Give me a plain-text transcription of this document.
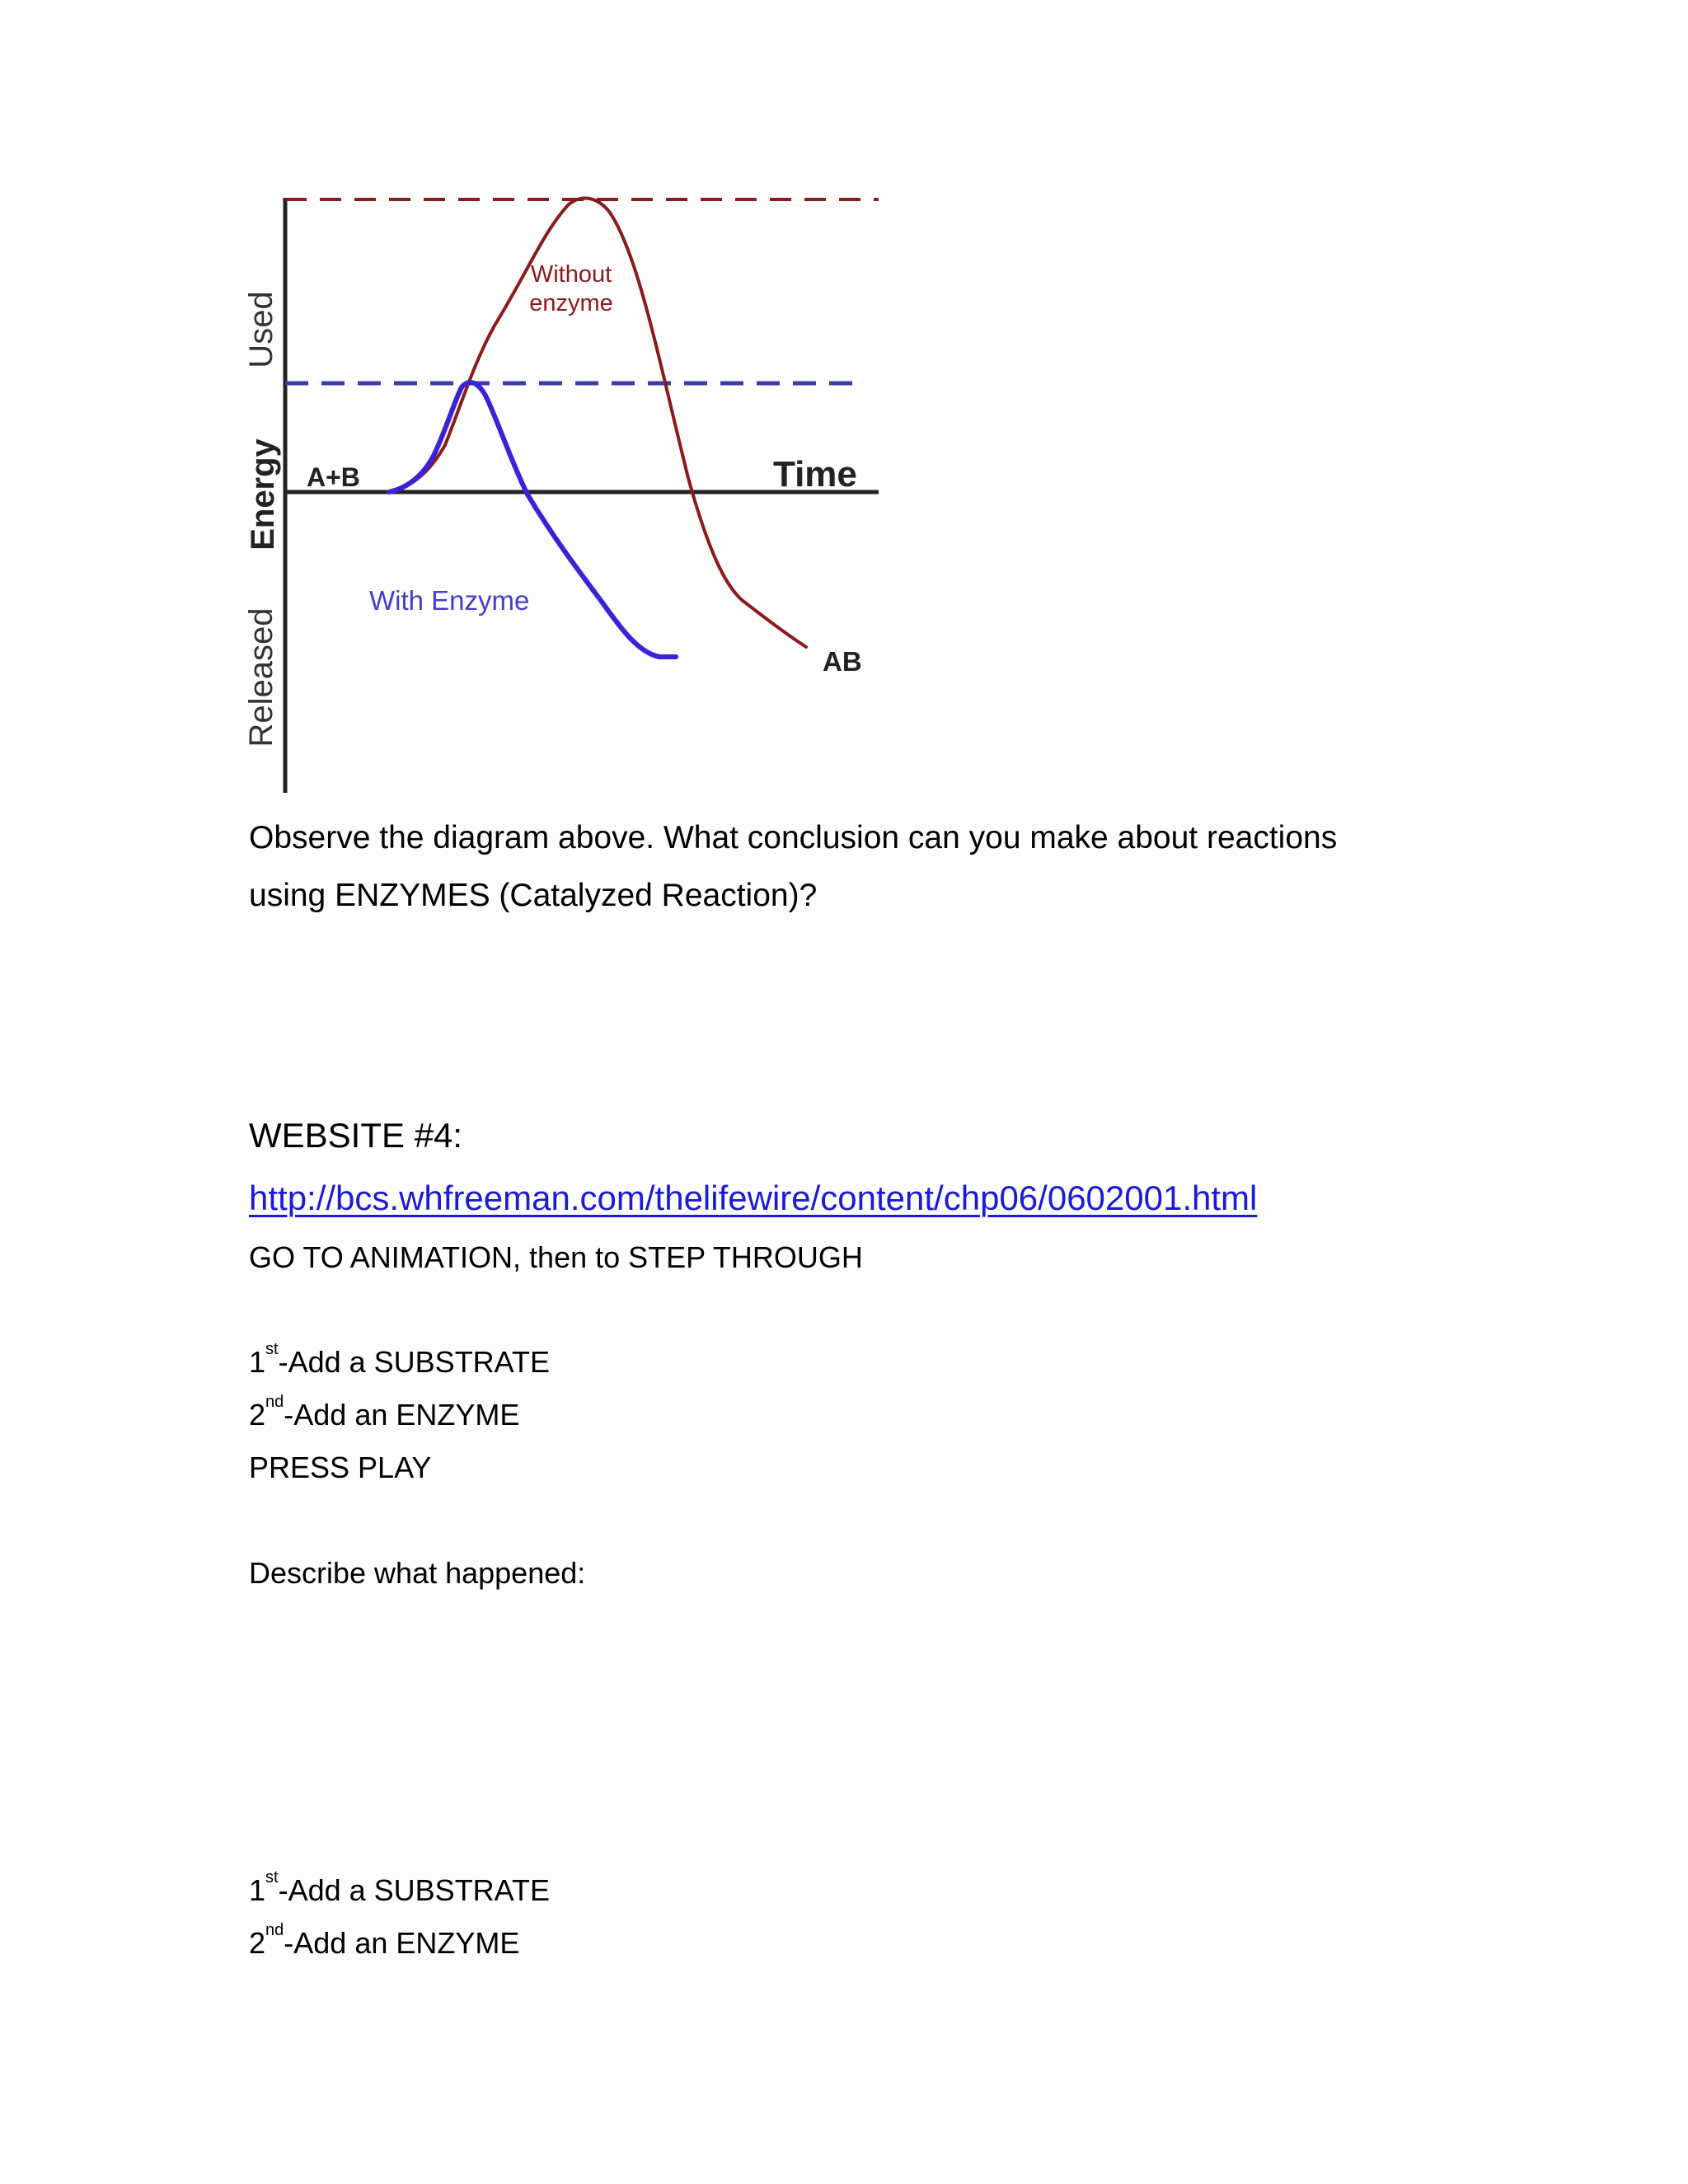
Used
Energy
Released
A+B	Time
Without
enzyme
With Enzyme
AB
Observe the diagram above. What conclusion can you make about reactions
using ENZYMES (Catalyzed Reaction)?
WEBSITE #4:
http://bcs.whfreeman.com/thelifewire/content/chp06/0602001.html
GO TO ANIMATION, then to STEP THROUGH
1st-Add a SUBSTRATE
2nd-Add an ENZYME
PRESS PLAY
Describe what happened:
1st-Add a SUBSTRATE
2nd-Add an ENZYME
